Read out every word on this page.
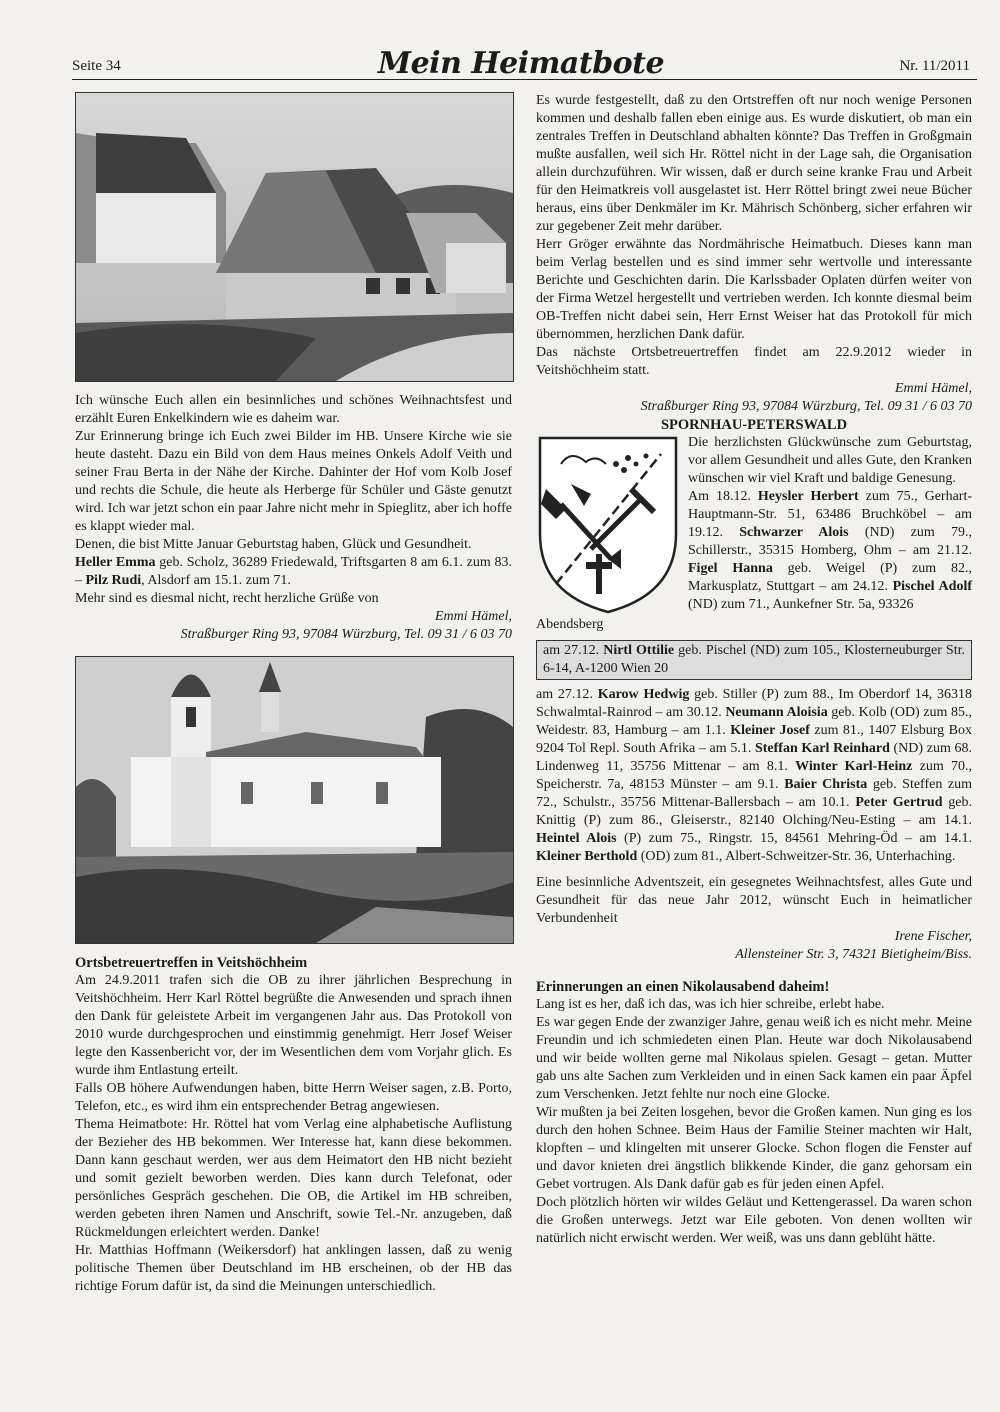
Seite 34	Mein Heimatbote	Nr. 11/2011

Ich wünsche Euch allen ein besinnliches und schönes Weihnachtsfest und erzählt Euren Enkelkindern wie es daheim war.

Zur Erinnerung bringe ich Euch zwei Bilder im HB. Unsere Kirche wie sie heute dasteht. Dazu ein Bild von dem Haus meines Onkels Adolf Veith und seiner Frau Berta in der Nähe der Kirche. Dahinter der Hof vom Kolb Josef und rechts die Schule, die heute als Herberge für Schüler und Gäste genutzt wird. Ich war jetzt schon ein paar Jahre nicht mehr in Spieglitz, aber ich hoffe es klappt wieder mal.

Denen, die bist Mitte Januar Geburtstag haben, Glück und Gesundheit.

Heller Emma geb. Scholz, 36289 Friedewald, Triftsgarten 8 am 6.1. zum 83. – Pilz Rudi, Alsdorf am 15.1. zum 71.

Mehr sind es diesmal nicht, recht herzliche Grüße von

Emmi Hämel,

Straßburger Ring 93, 97084 Würzburg, Tel. 09 31 / 6 03 70

Ortsbetreuertreffen in Veitshöchheim

Am 24.9.2011 trafen sich die OB zu ihrer jährlichen Besprechung in Veitshöchheim. Herr Karl Röttel begrüßte die Anwesenden und sprach ihnen den Dank für geleistete Arbeit im vergangenen Jahr aus. Das Protokoll von 2010 wurde durchgesprochen und einstimmig genehmigt. Herr Josef Weiser legte den Kassenbericht vor, der im Wesentlichen dem vom Vorjahr glich. Es wurde ihm Entlastung erteilt.

Falls OB höhere Aufwendungen haben, bitte Herrn Weiser sagen, z.B. Porto, Telefon, etc., es wird ihm ein entsprechender Betrag angewiesen.

Thema Heimatbote: Hr. Röttel hat vom Verlag eine alphabetische Auflistung der Bezieher des HB bekommen. Wer Interesse hat, kann diese bekommen. Dann kann geschaut werden, wer aus dem Heimatort den HB nicht bezieht und somit gezielt beworben werden. Dies kann durch Telefonat, oder persönliches Gespräch geschehen. Die OB, die Artikel im HB schreiben, werden gebeten ihren Namen und Anschrift, sowie Tel.-Nr. anzugeben, daß Rückmeldungen erleichtert werden. Danke!

Hr. Matthias Hoffmann (Weikersdorf) hat anklingen lassen, daß zu wenig politische Themen über Deutschland im HB erscheinen, ob der HB das richtige Forum dafür ist, da sind die Meinungen unterschiedlich.

Es wurde festgestellt, daß zu den Ortstreffen oft nur noch wenige Personen kommen und deshalb fallen eben einige aus. Es wurde diskutiert, ob man ein zentrales Treffen in Deutschland abhalten könnte? Das Treffen in Großgmain mußte ausfallen, weil sich Hr. Röttel nicht in der Lage sah, die Organisation allein durchzuführen. Wir wissen, daß er durch seine kranke Frau und Arbeit für den Heimatkreis voll ausgelastet ist. Herr Röttel bringt zwei neue Bücher heraus, eins über Denkmäler im Kr. Mährisch Schönberg, sicher erfahren wir zur gegebener Zeit mehr darüber.

Herr Gröger erwähnte das Nordmährische Heimatbuch. Dieses kann man beim Verlag bestellen und es sind immer sehr wertvolle und interessante Berichte und Geschichten darin. Die Karlssbader Oplaten dürfen weiter von der Firma Wetzel hergestellt und vertrieben werden. Ich konnte diesmal beim OB-Treffen nicht dabei sein, Herr Ernst Weiser hat das Protokoll für mich übernommen, herzlichen Dank dafür.

Das nächste Ortsbetreuertreffen findet am 22.9.2012 wieder in Veitshöchheim statt.

Emmi Hämel,

Straßburger Ring 93, 97084 Würzburg, Tel. 09 31 / 6 03 70

SPORNHAU-PETERSWALD

Die herzlichsten Glückwünsche zum Geburtstag, vor allem Gesundheit und alles Gute, den Kranken wünschen wir viel Kraft und baldige Genesung.

Am 18.12. Heysler Herbert zum 75., Gerhart-Hauptmann-Str. 51, 63486 Bruchköbel – am 19.12. Schwarzer Alois (ND) zum 79., Schillerstr., 35315 Homberg, Ohm – am 21.12. Figel Hanna geb. Weigel (P) zum 82., Markusplatz, Stuttgart – am 24.12. Pischel Adolf (ND) zum 71., Aunkefner Str. 5a, 93326

Abendsberg

am 27.12. Nirtl Ottilie geb. Pischel (ND) zum 105., Klosterneuburger Str. 6-14, A-1200 Wien 20

am 27.12. Karow Hedwig geb. Stiller (P) zum 88., Im Oberdorf 14, 36318 Schwalmtal-Rainrod – am 30.12. Neumann Aloisia geb. Kolb (OD) zum 85., Weidestr. 83, Hamburg – am 1.1. Kleiner Josef zum 81., 1407 Elsburg Box 9204 Tol Repl. South Afrika – am 5.1. Steffan Karl Reinhard (ND) zum 68. Lindenweg 11, 35756 Mittenar – am 8.1. Winter Karl-Heinz zum 70., Speicherstr. 7a, 48153 Münster – am 9.1. Baier Christa geb. Steffen zum 72., Schulstr., 35756 Mittenar-Ballersbach – am 10.1. Peter Gertrud geb. Knittig (P) zum 86., Gleiserstr., 82140 Olching/Neu-Esting – am 14.1. Heintel Alois (P) zum 75., Ringstr. 15, 84561 Mehring-Öd – am 14.1. Kleiner Berthold (OD) zum 81., Albert-Schweitzer-Str. 36, Unterhaching.

Eine besinnliche Adventszeit, ein gesegnetes Weihnachtsfest, alles Gute und Gesundheit für das neue Jahr 2012, wünscht Euch in heimatlicher Verbundenheit

Irene Fischer,

Allensteiner Str. 3, 74321 Bietigheim/Biss.

Erinnerungen an einen Nikolausabend daheim!

Lang ist es her, daß ich das, was ich hier schreibe, erlebt habe.

Es war gegen Ende der zwanziger Jahre, genau weiß ich es nicht mehr. Meine Freundin und ich schmiedeten einen Plan. Heute war doch Nikolausabend und wir beide wollten gerne mal Nikolaus spielen. Gesagt – getan. Mutter gab uns alte Sachen zum Verkleiden und in einen Sack kamen ein paar Äpfel zum Verschenken. Jetzt fehlte nur noch eine Glocke.

Wir mußten ja bei Zeiten losgehen, bevor die Großen kamen. Nun ging es los durch den hohen Schnee. Beim Haus der Familie Steiner machten wir Halt, klopften – und klingelten mit unserer Glocke. Schon flogen die Fenster auf und davor knieten drei ängstlich blikkende Kinder, die ganz gehorsam ein Gebet vortrugen. Als Dank dafür gab es für jeden einen Apfel.

Doch plötzlich hörten wir wildes Geläut und Kettengerassel. Da waren schon die Großen unterwegs. Jetzt war Eile geboten. Von denen wollten wir natürlich nicht erwischt werden. Wer weiß, was uns dann geblüht hätte.
